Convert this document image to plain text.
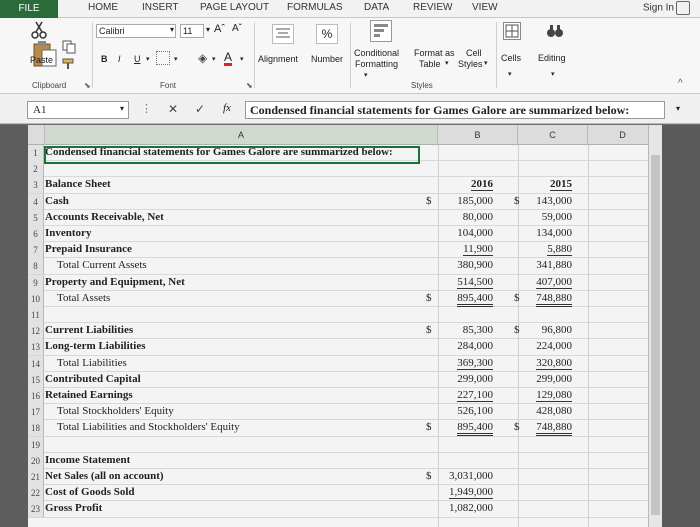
FILE	HOME INSERT PAGE LAYOUT FORMULAS DATA REVIEW VIEW	Sign In
Paste
Clipboard ⬊
Calibri	▾ 11	▾ Aˆ Aˇ
B I U ▾	▾ ◈ ▾ A ▾
Font	⬊
Alignment
%
Number
Conditional
Formatting
▾
Format as
Table ▾
Cell
Styles ▾
Styles
Cells
▾
Editing
▾
^
A1	▾ ⋮ ✕ ✓ fx	Condensed financial statements for Games Galore are summarized below:	▾
A	B	C	D
1 Condensed financial statements for Games Galore are summarized below:
2
3 Balance Sheet	2016	2015
4 Cash	$ 185,000 $ 143,000
5 Accounts Receivable, Net	80,000	59,000
6 Inventory	104,000	134,000
7 Prepaid Insurance	11,900	5,880
8	Total Current Assets	380,900	341,880
9 Property and Equipment, Net	514,500	407,000
10	Total Assets	$ 895,400 $ 748,880
11
12 Current Liabilities	$	85,300 $ 96,800
13 Long-term Liabilities	284,000	224,000
14	Total Liabilities	369,300	320,800
15 Contributed Capital	299,000	299,000
16 Retained Earnings	227,100	129,080
17	Total Stockholders' Equity	526,100	428,080
18	Total Liabilities and Stockholders' Equity	$ 895,400 $ 748,880
19
20 Income Statement
21 Net Sales (all on account)	$ 3,031,000
22 Cost of Goods Sold	1,949,000
23 Gross Profit	1,082,000
